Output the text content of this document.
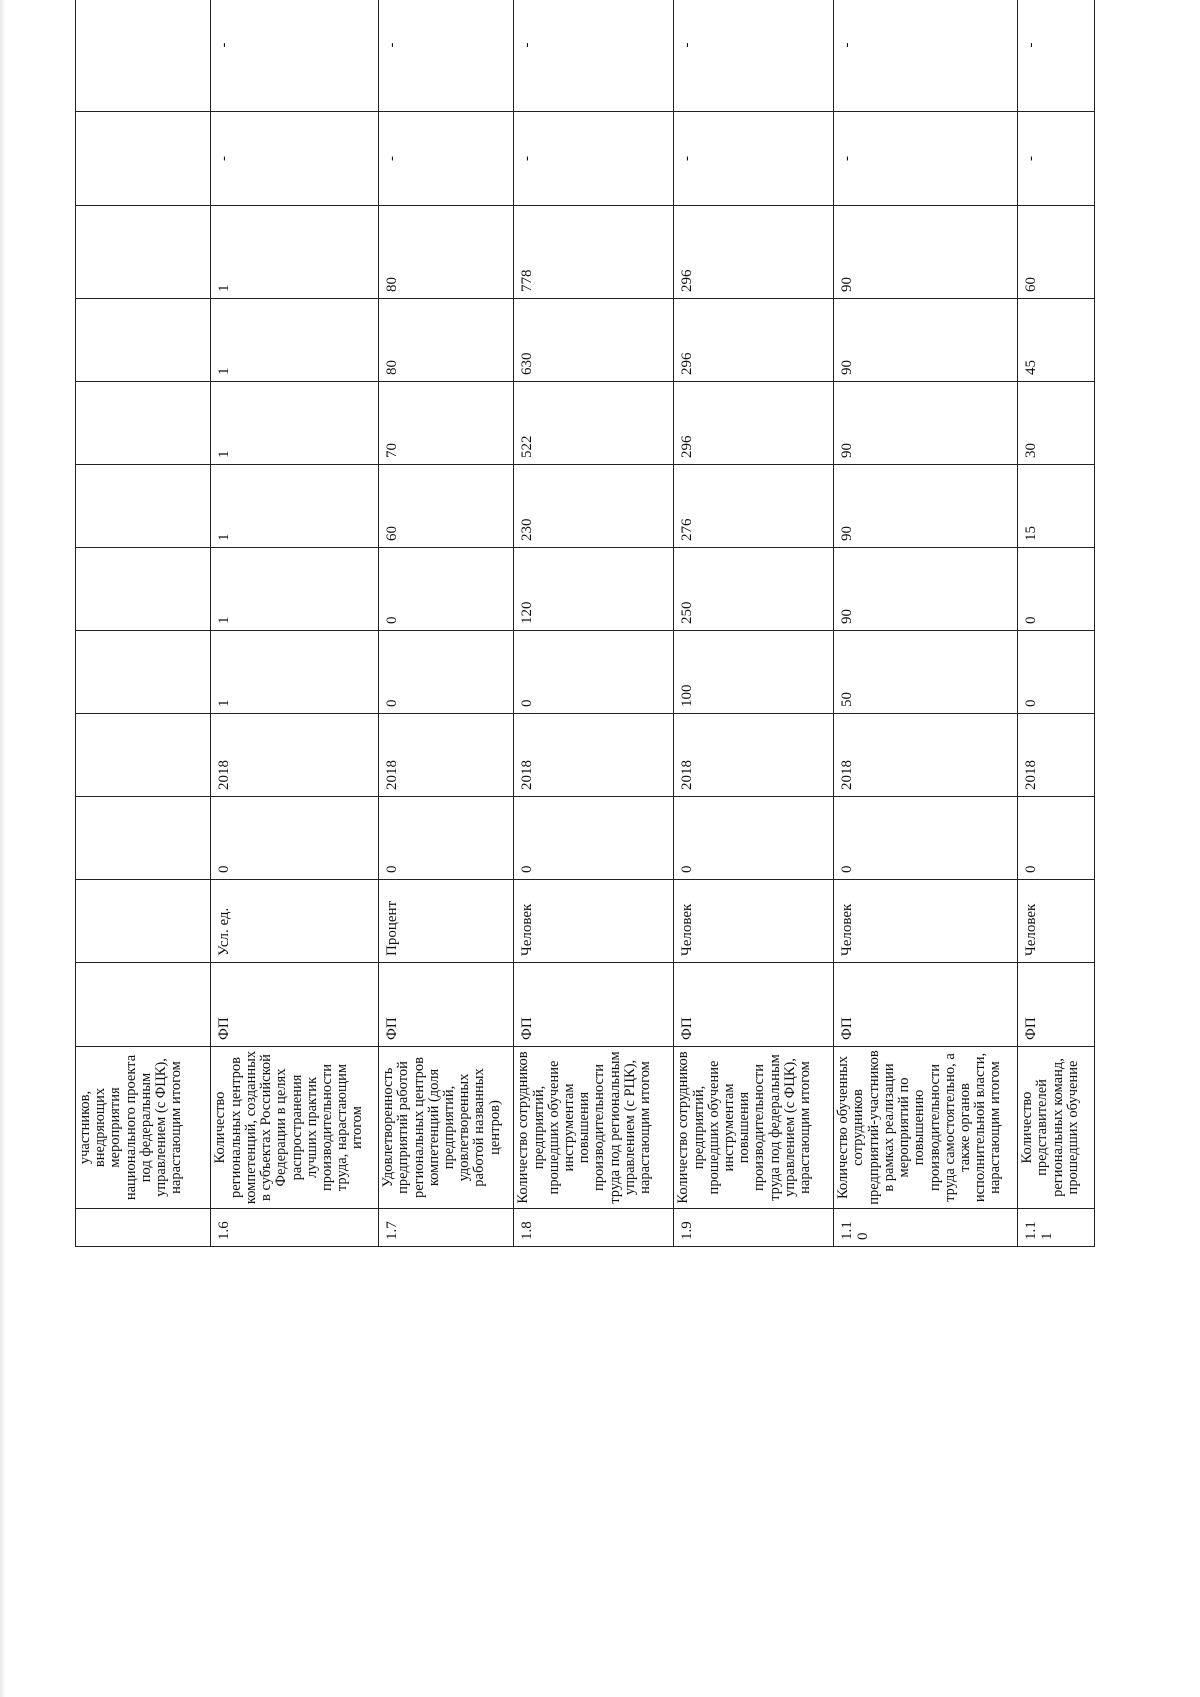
	участников, внедряющих мероприятия национального проекта под федеральным управлением (с ФЦК), нарастающим итогом												
1.6	Количество региональных центров компетенций, созданных в субъектах Российской Федерации в целях распространения лучших практик производительности труда, нарастающим итогом	ФП	Усл. ед.	0	2018	1	1	1	1	1	1	-	-
1.7	Удовлетворенность предприятий работой региональных центров компетенций (доля предприятий, удовлетворенных работой названных центров)	ФП	Процент	0	2018	0	0	60	70	80	80	-	-
1.8	Количество сотрудников предприятий, прошедших обучение инструментам повышения производительности труда под региональным управлением (с РЦК), нарастающим итогом	ФП	Человек	0	2018	0	120	230	522	630	778	-	-
1.9	Количество сотрудников предприятий, прошедших обучение инструментам повышения производительности труда под федеральным управлением (с ФЦК), нарастающим итогом	ФП	Человек	0	2018	100	250	276	296	296	296	-	-
1.10	Количество обученных сотрудников предприятий-участников в рамках реализации мероприятий по повышению производительности труда самостоятельно, а также органов исполнительной власти, нарастающим итогом	ФП	Человек	0	2018	50	90	90	90	90	90	-	-
1.11	Количество представителей региональных команд, прошедших обучение	ФП	Человек	0	2018	0	0	15	30	45	60	-	-
